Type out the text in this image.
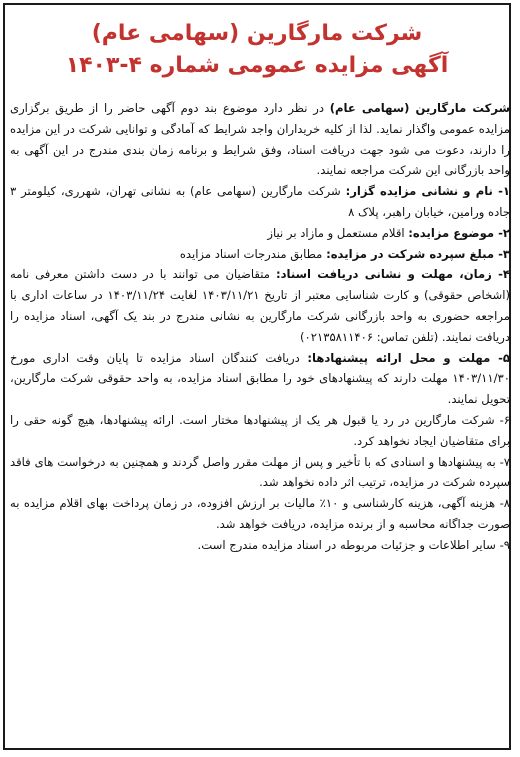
شرکت مارگارین (سهامی عام)
آگهی مزایده عمومی شماره ۴-۱۴۰۳

شرکت مارگارین (سهامی عام) در نظر دارد موضوع بند دوم آگهی حاضر را از طریق برگزاری مزایده عمومی واگذار نماید. لذا از کلیه خریداران واجد شرایط که آمادگی و توانایی شرکت در این مزایده را دارند، دعوت می شود جهت دریافت اسناد، وفق شرایط و برنامه زمان بندی مندرج در این آگهی به واحد بازرگانی این شرکت مراجعه نمایند.

۱- نام و نشانی مزایده گزار: شرکت مارگارین (سهامی عام) به نشانی تهران، شهرری، کیلومتر ۳ جاده ورامین، خیابان راهبر، پلاک ۸

۲- موضوع مزایده: اقلام مستعمل و مازاد بر نیاز

۳- مبلغ سپرده شرکت در مزایده: مطابق مندرجات اسناد مزایده

۴- زمان، مهلت و نشانی دریافت اسناد: متقاضیان می توانند با در دست داشتن معرفی نامه (اشخاص حقوقی) و کارت شناسایی معتبر از تاریخ ۱۴۰۳/۱۱/۲۱ لغایت ۱۴۰۳/۱۱/۲۴ در ساعات اداری با مراجعه حضوری به واحد بازرگانی شرکت مارگارین به نشانی مندرج در بند یک آگهی، اسناد مزایده را دریافت نمایند. (تلفن تماس: ۰۲۱۳۵۸۱۱۴۰۶)

۵- مهلت و محل ارائه پیشنهادها: دریافت کنندگان اسناد مزایده تا پایان وقت اداری مورخ ۱۴۰۳/۱۱/۳۰ مهلت دارند که پیشنهادهای خود را مطابق اسناد مزایده، به واحد حقوقی شرکت مارگارین، تحویل نمایند.

۶- شرکت مارگارین در رد یا قبول هر یک از پیشنهادها مختار است. ارائه پیشنهادها، هیچ گونه حقی را برای متقاضیان ایجاد نخواهد کرد.

۷- به پیشنهادها و اسنادی که با تأخیر و پس از مهلت مقرر واصل گردند و همچنین به درخواست های فاقد سپرده شرکت در مزایده، ترتیب اثر داده نخواهد شد.

۸- هزینه آگهی، هزینه کارشناسی و ۱۰٪ مالیات بر ارزش افزوده، در زمان پرداخت بهای اقلام مزایده به صورت جداگانه محاسبه و از برنده مزایده، دریافت خواهد شد.

۹- سایر اطلاعات و جزئیات مربوطه در اسناد مزایده مندرج است.
